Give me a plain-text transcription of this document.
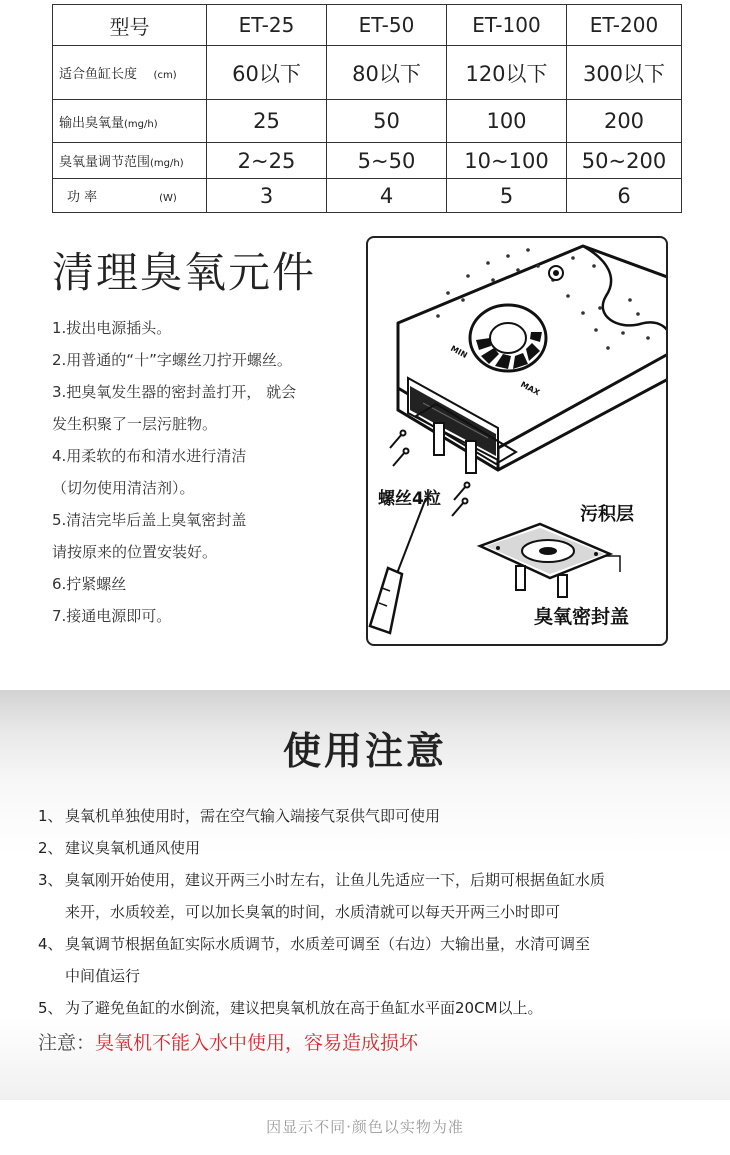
型号	ET-25	ET-50	ET-100	ET-200
适合鱼缸长度 (cm)	60以下	80以下	120以下	300以下
输出臭氧量(mg/h)	25	50	100	200
臭氧量调节范围(mg/h)	2~25	5~50	10~100	50~200
功 率 (W)	3	4	5	6
清理臭氧元件
1.拔出电源插头。
2.用普通的“十”字螺丝刀拧开螺丝。
3.把臭氧发生器的密封盖打开， 就会
发生积聚了一层污脏物。
4.用柔软的布和清水进行清洁
（切勿使用清洁剂）。
5.清洁完毕后盖上臭氧密封盖
请按原来的位置安装好。
6.拧紧螺丝
7.接通电源即可。
MIN
MAX
螺丝4粒
污积层
臭氧密封盖
使用注意
1、 臭氧机单独使用时，需在空气输入端接气泵供气即可使用
2、 建议臭氧机通风使用
3、 臭氧刚开始使用，建议开两三小时左右，让鱼儿先适应一下，后期可根据鱼缸水质
来开，水质较差，可以加长臭氧的时间，水质清就可以每天开两三小时即可
4、 臭氧调节根据鱼缸实际水质调节，水质差可调至（右边）大输出量，水清可调至
中间值运行
5、 为了避免鱼缸的水倒流，建议把臭氧机放在高于鱼缸水平面20CM以上。
注意：臭氧机不能入水中使用，容易造成损坏
因显示不同·颜色以实物为准
